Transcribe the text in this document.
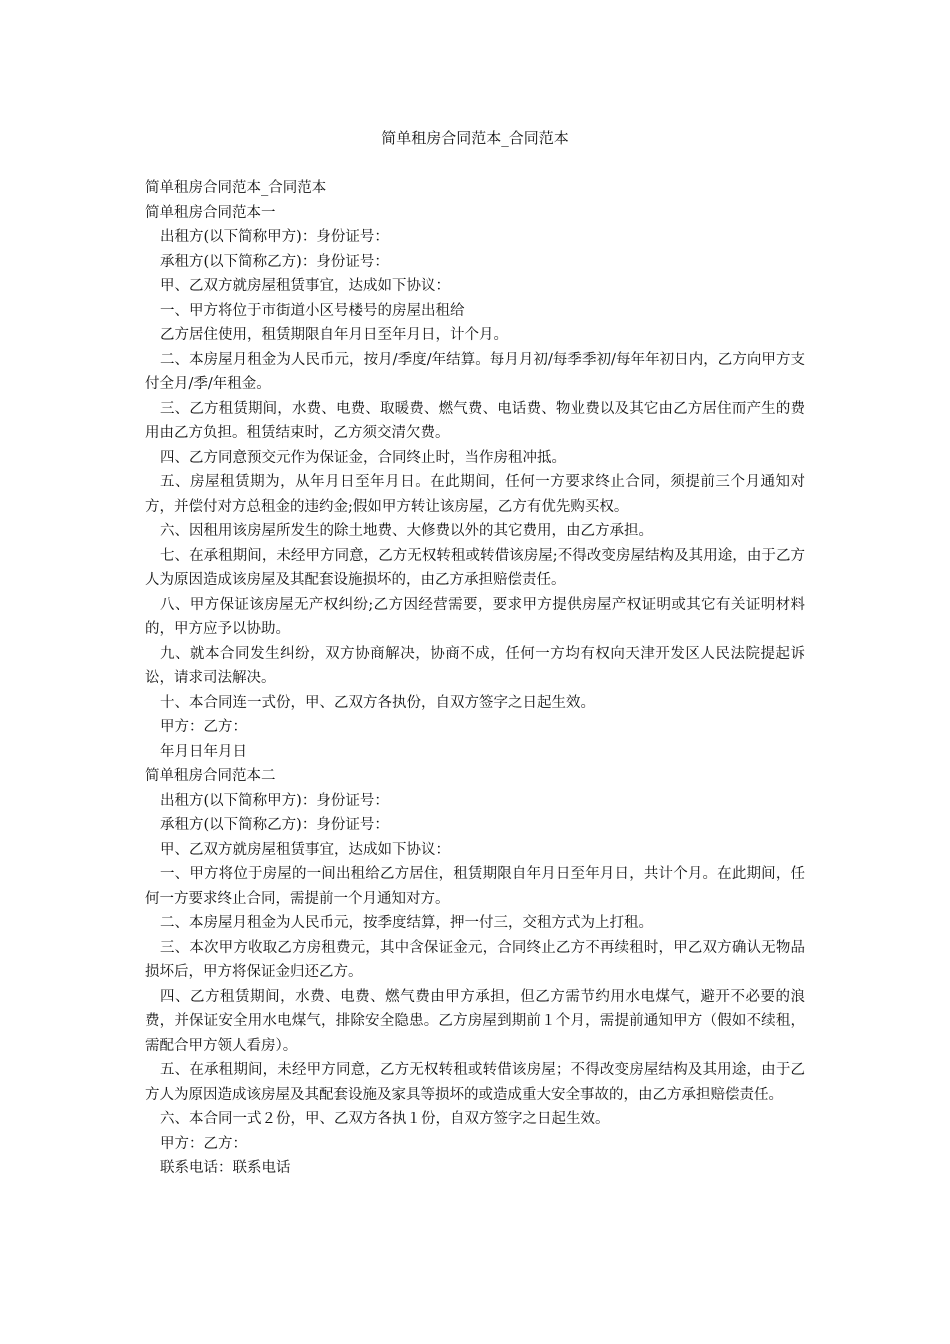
简单租房合同范本_合同范本

简单租房合同范本_合同范本

简单租房合同范本一

出租方(以下简称甲方)：身份证号：

承租方(以下简称乙方)：身份证号：

甲、乙双方就房屋租赁事宜，达成如下协议：

一、甲方将位于市街道小区号楼号的房屋出租给

乙方居住使用，租赁期限自年月日至年月日，计个月。

二、本房屋月租金为人民币元，按月/季度/年结算。每月月初/每季季初/每年年初日内，乙方向甲方支付全月/季/年租金。

三、乙方租赁期间，水费、电费、取暖费、燃气费、电话费、物业费以及其它由乙方居住而产生的费用由乙方负担。租赁结束时，乙方须交清欠费。

四、乙方同意预交元作为保证金，合同终止时，当作房租冲抵。

五、房屋租赁期为，从年月日至年月日。在此期间，任何一方要求终止合同，须提前三个月通知对方，并偿付对方总租金的违约金;假如甲方转让该房屋，乙方有优先购买权。

六、因租用该房屋所发生的除土地费、大修费以外的其它费用，由乙方承担。

七、在承租期间，未经甲方同意，乙方无权转租或转借该房屋;不得改变房屋结构及其用途，由于乙方人为原因造成该房屋及其配套设施损坏的，由乙方承担赔偿责任。

八、甲方保证该房屋无产权纠纷;乙方因经营需要，要求甲方提供房屋产权证明或其它有关证明材料的，甲方应予以协助。

九、就本合同发生纠纷，双方协商解决，协商不成，任何一方均有权向天津开发区人民法院提起诉讼，请求司法解决。

十、本合同连一式份，甲、乙双方各执份，自双方签字之日起生效。

甲方：乙方：

年月日年月日

简单租房合同范本二

出租方(以下简称甲方)：身份证号：

承租方(以下简称乙方)：身份证号：

甲、乙双方就房屋租赁事宜，达成如下协议：

一、甲方将位于房屋的一间出租给乙方居住，租赁期限自年月日至年月日，共计个月。在此期间，任何一方要求终止合同，需提前一个月通知对方。

二、本房屋月租金为人民币元，按季度结算，押一付三，交租方式为上打租。

三、本次甲方收取乙方房租费元，其中含保证金元，合同终止乙方不再续租时，甲乙双方确认无物品损坏后，甲方将保证金归还乙方。

四、乙方租赁期间，水费、电费、燃气费由甲方承担，但乙方需节约用水电煤气，避开不必要的浪费，并保证安全用水电煤气，排除安全隐患。乙方房屋到期前１个月，需提前通知甲方（假如不续租，需配合甲方领人看房）。

五、在承租期间，未经甲方同意，乙方无权转租或转借该房屋；不得改变房屋结构及其用途，由于乙方人为原因造成该房屋及其配套设施及家具等损坏的或造成重大安全事故的，由乙方承担赔偿责任。

六、本合同一式２份，甲、乙双方各执１份，自双方签字之日起生效。

甲方：乙方：

联系电话：联系电话
